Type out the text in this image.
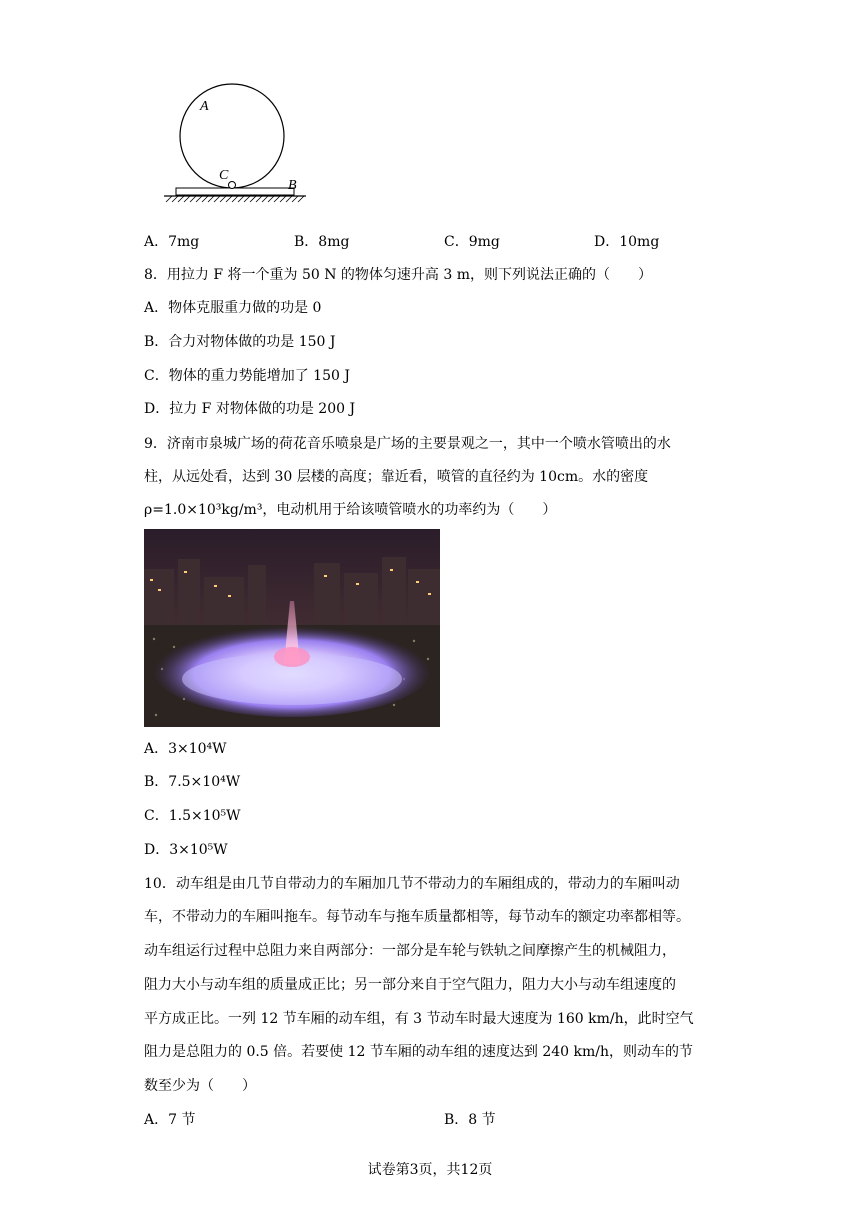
A
C
B
A．7mg	B．8mg	C．9mg	D．10mg
8．用拉力 F 将一个重为 50 N 的物体匀速升高 3 m，则下列说法正确的（　　）
A．物体克服重力做的功是 0
B．合力对物体做的功是 150 J
C．物体的重力势能增加了 150 J
D．拉力 F 对物体做的功是 200 J
9．济南市泉城广场的荷花音乐喷泉是广场的主要景观之一，其中一个喷水管喷出的水
柱，从远处看，达到 30 层楼的高度；靠近看，喷管的直径约为 10cm。水的密度
ρ=1.0×10³kg/m³，电动机用于给该喷管喷水的功率约为（　　）
A．3×10⁴W
B．7.5×10⁴W
C．1.5×10⁵W
D．3×10⁵W
10．动车组是由几节自带动力的车厢加几节不带动力的车厢组成的，带动力的车厢叫动
车，不带动力的车厢叫拖车。每节动车与拖车质量都相等，每节动车的额定功率都相等。
动车组运行过程中总阻力来自两部分：一部分是车轮与铁轨之间摩擦产生的机械阻力，
阻力大小与动车组的质量成正比；另一部分来自于空气阻力，阻力大小与动车组速度的
平方成正比。一列 12 节车厢的动车组，有 3 节动车时最大速度为 160 km/h，此时空气
阻力是总阻力的 0.5 倍。若要使 12 节车厢的动车组的速度达到 240 km/h，则动车的节
数至少为（　　）
A．7 节	B．8 节
试卷第3页，共12页
